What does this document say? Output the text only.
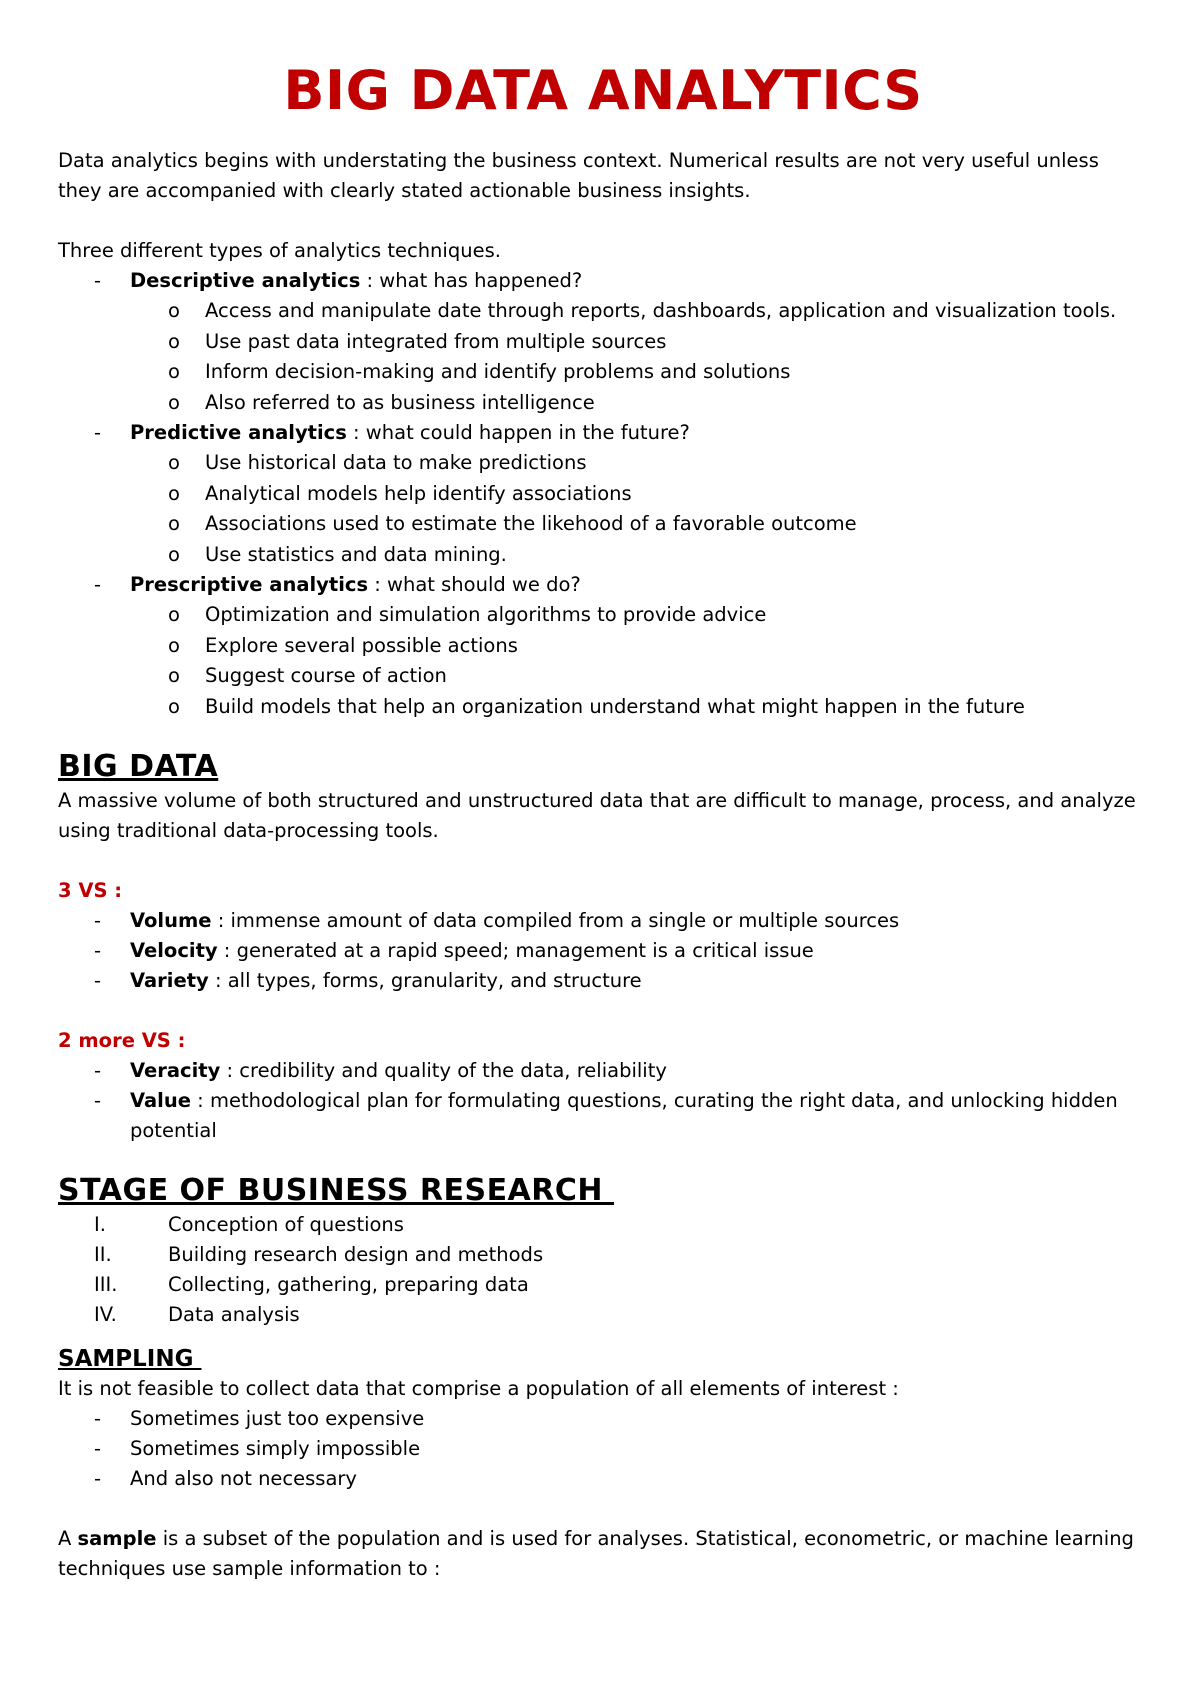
BIG DATA ANALYTICS

Data analytics begins with understating the business context. Numerical results are not very useful unless they are accompanied with clearly stated actionable business insights.

Three different types of analytics techniques.

- Descriptive analytics : what has happened?
o Access and manipulate date through reports, dashboards, application and visualization tools.
o Use past data integrated from multiple sources
o Inform decision-making and identify problems and solutions
o Also referred to as business intelligence
- Predictive analytics : what could happen in the future?
o Use historical data to make predictions
o Analytical models help identify associations
o Associations used to estimate the likehood of a favorable outcome
o Use statistics and data mining.
- Prescriptive analytics : what should we do?
o Optimization and simulation algorithms to provide advice
o Explore several possible actions
o Suggest course of action
o Build models that help an organization understand what might happen in the future
BIG DATA

A massive volume of both structured and unstructured data that are difficult to manage, process, and analyze using traditional data-processing tools.

3 VS :
- Volume : immense amount of data compiled from a single or multiple sources
- Velocity : generated at a rapid speed; management is a critical issue
- Variety : all types, forms, granularity, and structure
2 more VS :
- Veracity : credibility and quality of the data, reliability
- Value : methodological plan for formulating questions, curating the right data, and unlocking hidden potential
STAGE OF BUSINESS RESEARCH
I.	Conception of questions
II.	Building research design and methods
III.	Collecting, gathering, preparing data
IV.	Data analysis
SAMPLING

It is not feasible to collect data that comprise a population of all elements of interest :

- Sometimes just too expensive
- Sometimes simply impossible
- And also not necessary

A sample is a subset of the population and is used for analyses. Statistical, econometric, or machine learning techniques use sample information to :
